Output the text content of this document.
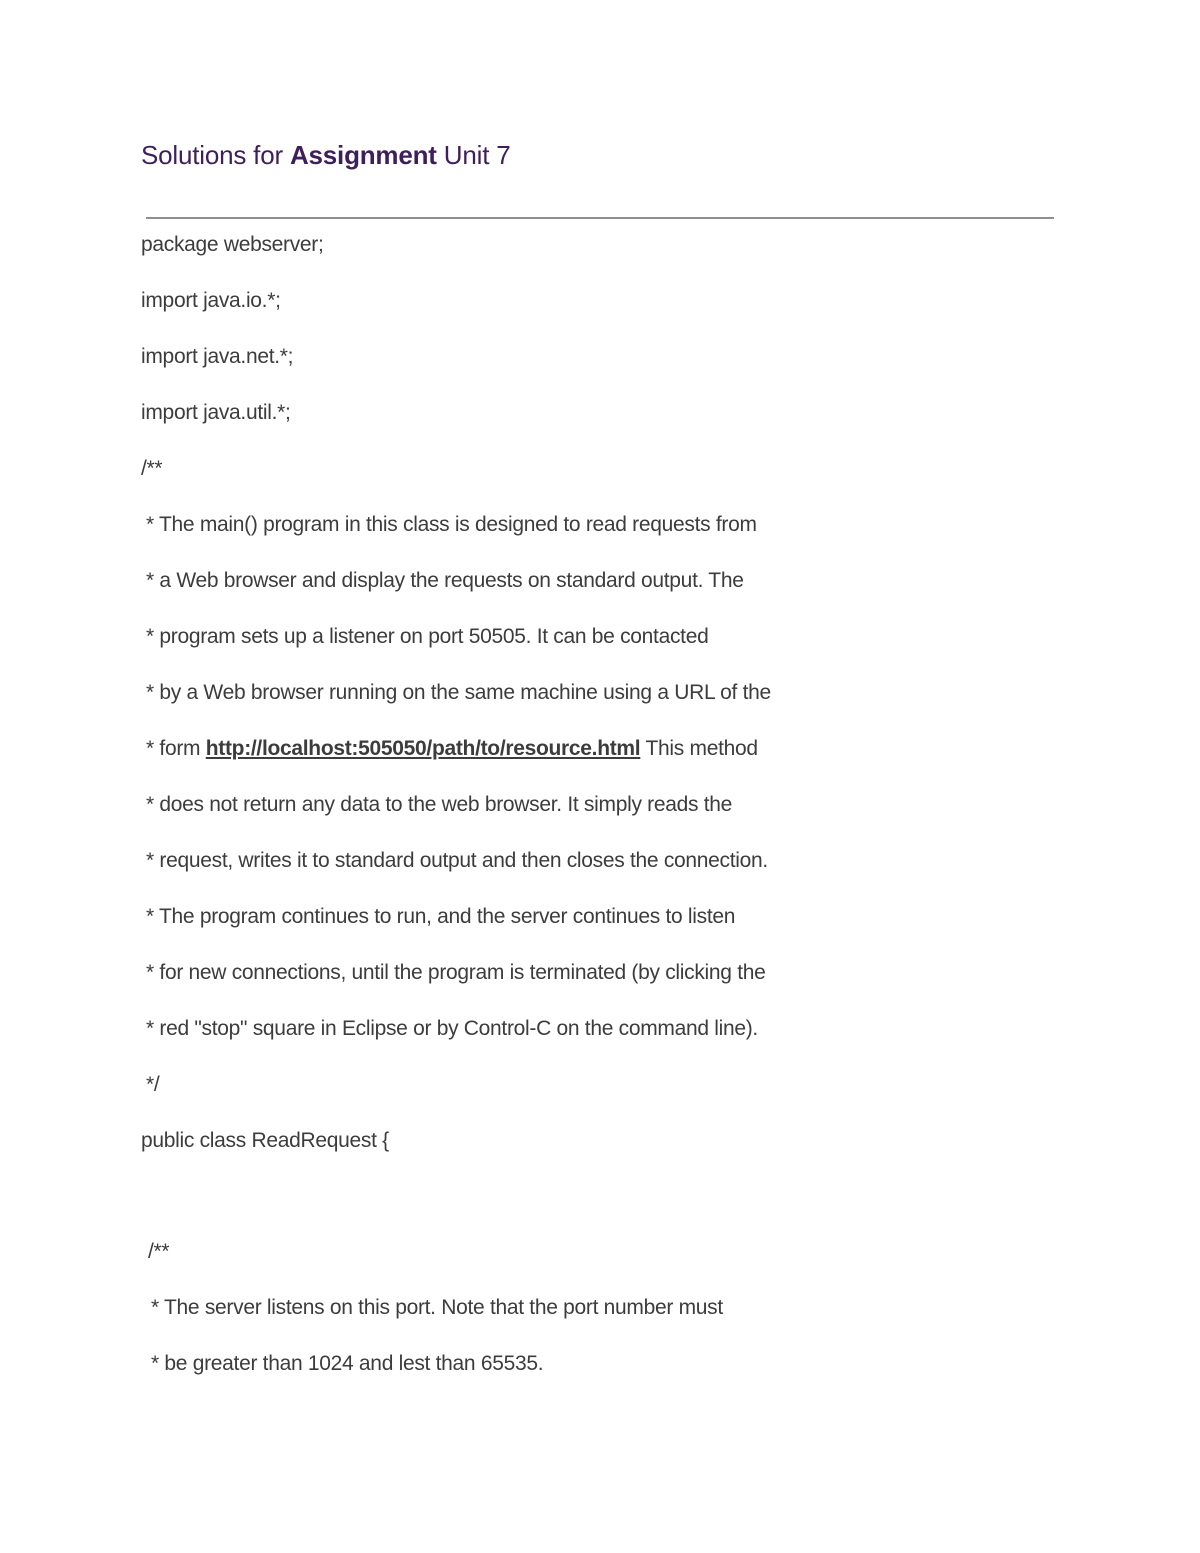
Solutions for Assignment Unit 7
package webserver;
import java.io.*;
import java.net.*;
import java.util.*;
/**
* The main() program in this class is designed to read requests from
* a Web browser and display the requests on standard output. The
* program sets up a listener on port 50505. It can be contacted
* by a Web browser running on the same machine using a URL of the
* form http://localhost:505050/path/to/resource.html This method
* does not return any data to the web browser. It simply reads the
* request, writes it to standard output and then closes the connection.
* The program continues to run, and the server continues to listen
* for new connections, until the program is terminated (by clicking the
* red "stop" square in Eclipse or by Control-C on the command line).
*/
public class ReadRequest {
/**
* The server listens on this port. Note that the port number must
* be greater than 1024 and lest than 65535.
